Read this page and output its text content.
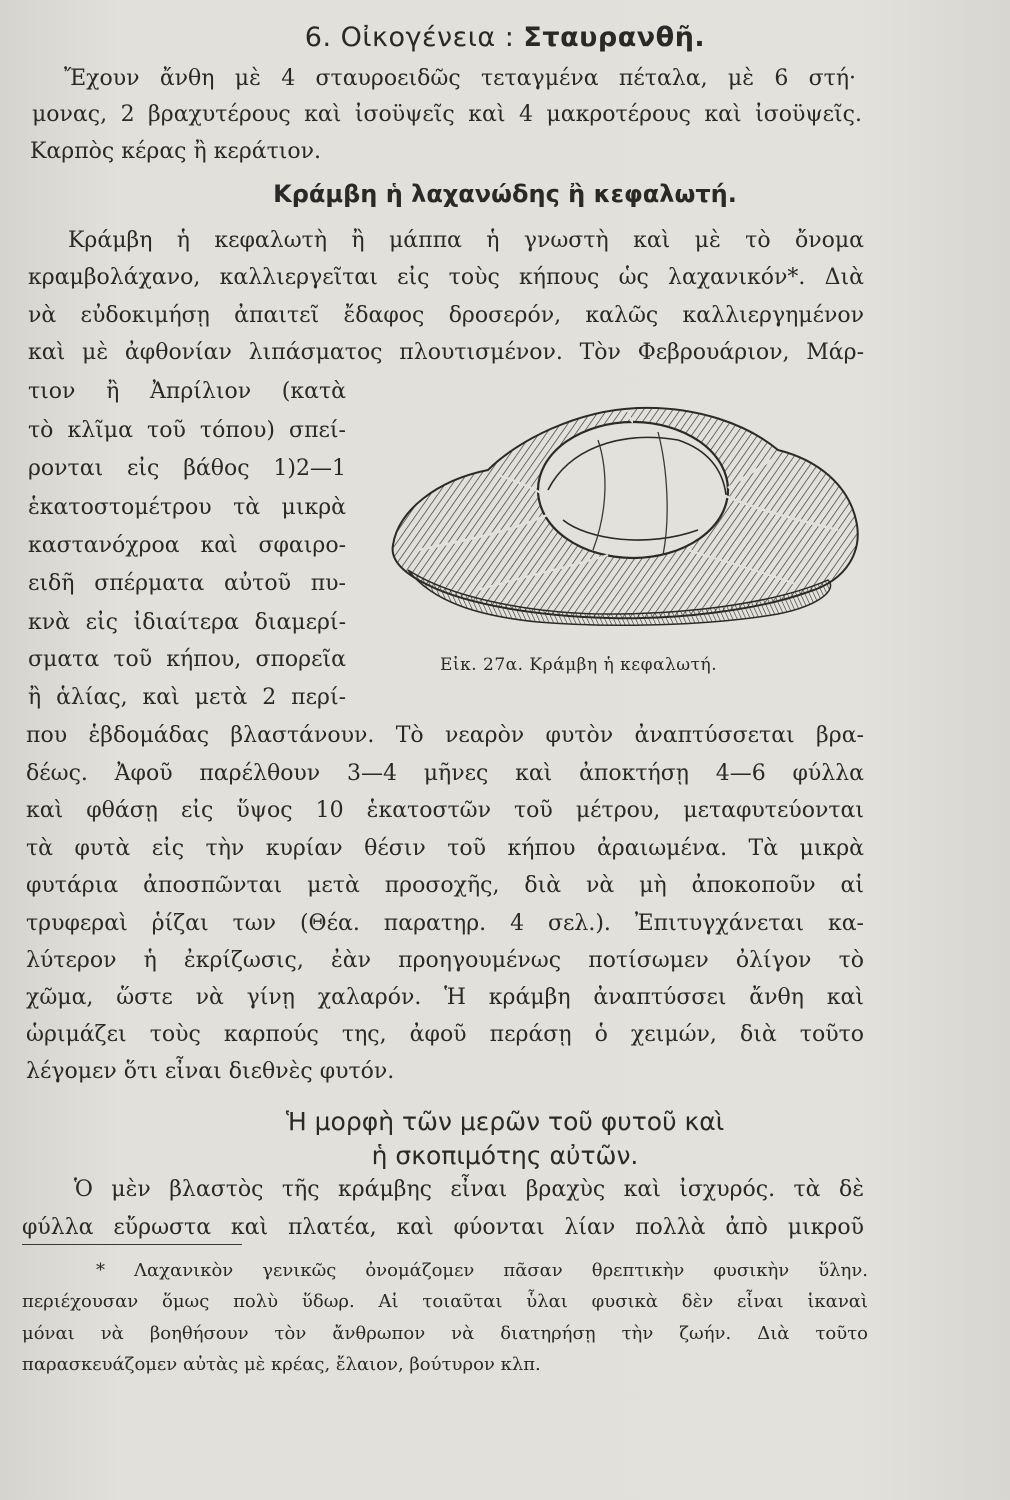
6. Οἰκογένεια : Σταυρανθῆ.
Ἔχουν ἄνθη μὲ 4 σταυροειδῶς τεταγμένα πέταλα, μὲ 6 στή·
μονας, 2 βραχυτέρους καὶ ἰσοϋψεῖς καὶ 4 μακροτέρους καὶ ἰσοϋψεῖς.
Καρπὸς κέρας ἢ κεράτιον.
Κράμβη ἡ λαχανώδης ἢ κεφαλωτή.
Κράμβη ἡ κεφαλωτὴ ἢ μάππα ἡ γνωστὴ καὶ μὲ τὸ ὄνομα
κραμβολάχανο, καλλιεργεῖται εἰς τοὺς κήπους ὡς λαχανικόν*. Διὰ
νὰ εὐδοκιμήσῃ ἀπαιτεῖ ἔδαφος δροσερόν, καλῶς καλλιεργημένον
καὶ μὲ ἀφθονίαν λιπάσματος πλουτισμένον. Τὸν Φεβρουάριον, Μάρ-
τιον ἢ Ἀπρίλιον (κατὰ
τὸ κλῖμα τοῦ τόπου) σπεί-
ρονται εἰς βάθος 1)2—1
ἑκατοστομέτρου τὰ μικρὰ
καστανόχροα καὶ σφαιρο-
ειδῆ σπέρματα αὐτοῦ πυ-
κνὰ εἰς ἰδιαίτερα διαμερί-
σματα τοῦ κήπου, σπορεῖα
ἢ ἁλίας, καὶ μετὰ 2 περί-
Εἰκ. 27α. Κράμβη ἡ κεφαλωτή.
που ἑβδομάδας βλαστάνουν. Τὸ νεαρὸν φυτὸν ἀναπτύσσεται βρα-
δέως. Ἀφοῦ παρέλθουν 3—4 μῆνες καὶ ἀποκτήσῃ 4—6 φύλλα
καὶ φθάσῃ εἰς ὕψος 10 ἑκατοστῶν τοῦ μέτρου, μεταφυτεύονται
τὰ φυτὰ εἰς τὴν κυρίαν θέσιν τοῦ κήπου ἀραιωμένα. Τὰ μικρὰ
φυτάρια ἀποσπῶνται μετὰ προσοχῆς, διὰ νὰ μὴ ἀποκοποῦν αἱ
τρυφεραὶ ῥίζαι των (Θέα. παρατηρ. 4 σελ.). Ἐπιτυγχάνεται κα-
λύτερον ἡ ἐκρίζωσις, ἐὰν προηγουμένως ποτίσωμεν ὀλίγον τὸ
χῶμα, ὥστε νὰ γίνῃ χαλαρόν. Ἡ κράμβη ἀναπτύσσει ἄνθη καὶ
ὡριμάζει τοὺς καρπούς της, ἀφοῦ περάσῃ ὁ χειμών, διὰ τοῦτο
λέγομεν ὅτι εἶναι διεθνὲς φυτόν.
Ἡ μορφὴ τῶν μερῶν τοῦ φυτοῦ καὶ
ἡ σκοπιμότης αὐτῶν.
Ὁ μὲν βλαστὸς τῆς κράμβης εἶναι βραχὺς καὶ ἰσχυρός. τὰ δὲ
φύλλα εὔρωστα καὶ πλατέα, καὶ φύονται λίαν πολλὰ ἀπὸ μικροῦ
* Λαχανικὸν γενικῶς ὀνομάζομεν πᾶσαν θρεπτικὴν φυσικὴν ὕλην.
περιέχουσαν ὅμως πολὺ ὕδωρ. Αἱ τοιαῦται ὗλαι φυσικὰ δὲν εἶναι ἱκαναὶ
μόναι νὰ βοηθήσουν τὸν ἄνθρωπον νὰ διατηρήσῃ τὴν ζωήν. Διὰ τοῦτο
παρασκευάζομεν αὐτὰς μὲ κρέας, ἔλαιον, βούτυρον κλπ.
